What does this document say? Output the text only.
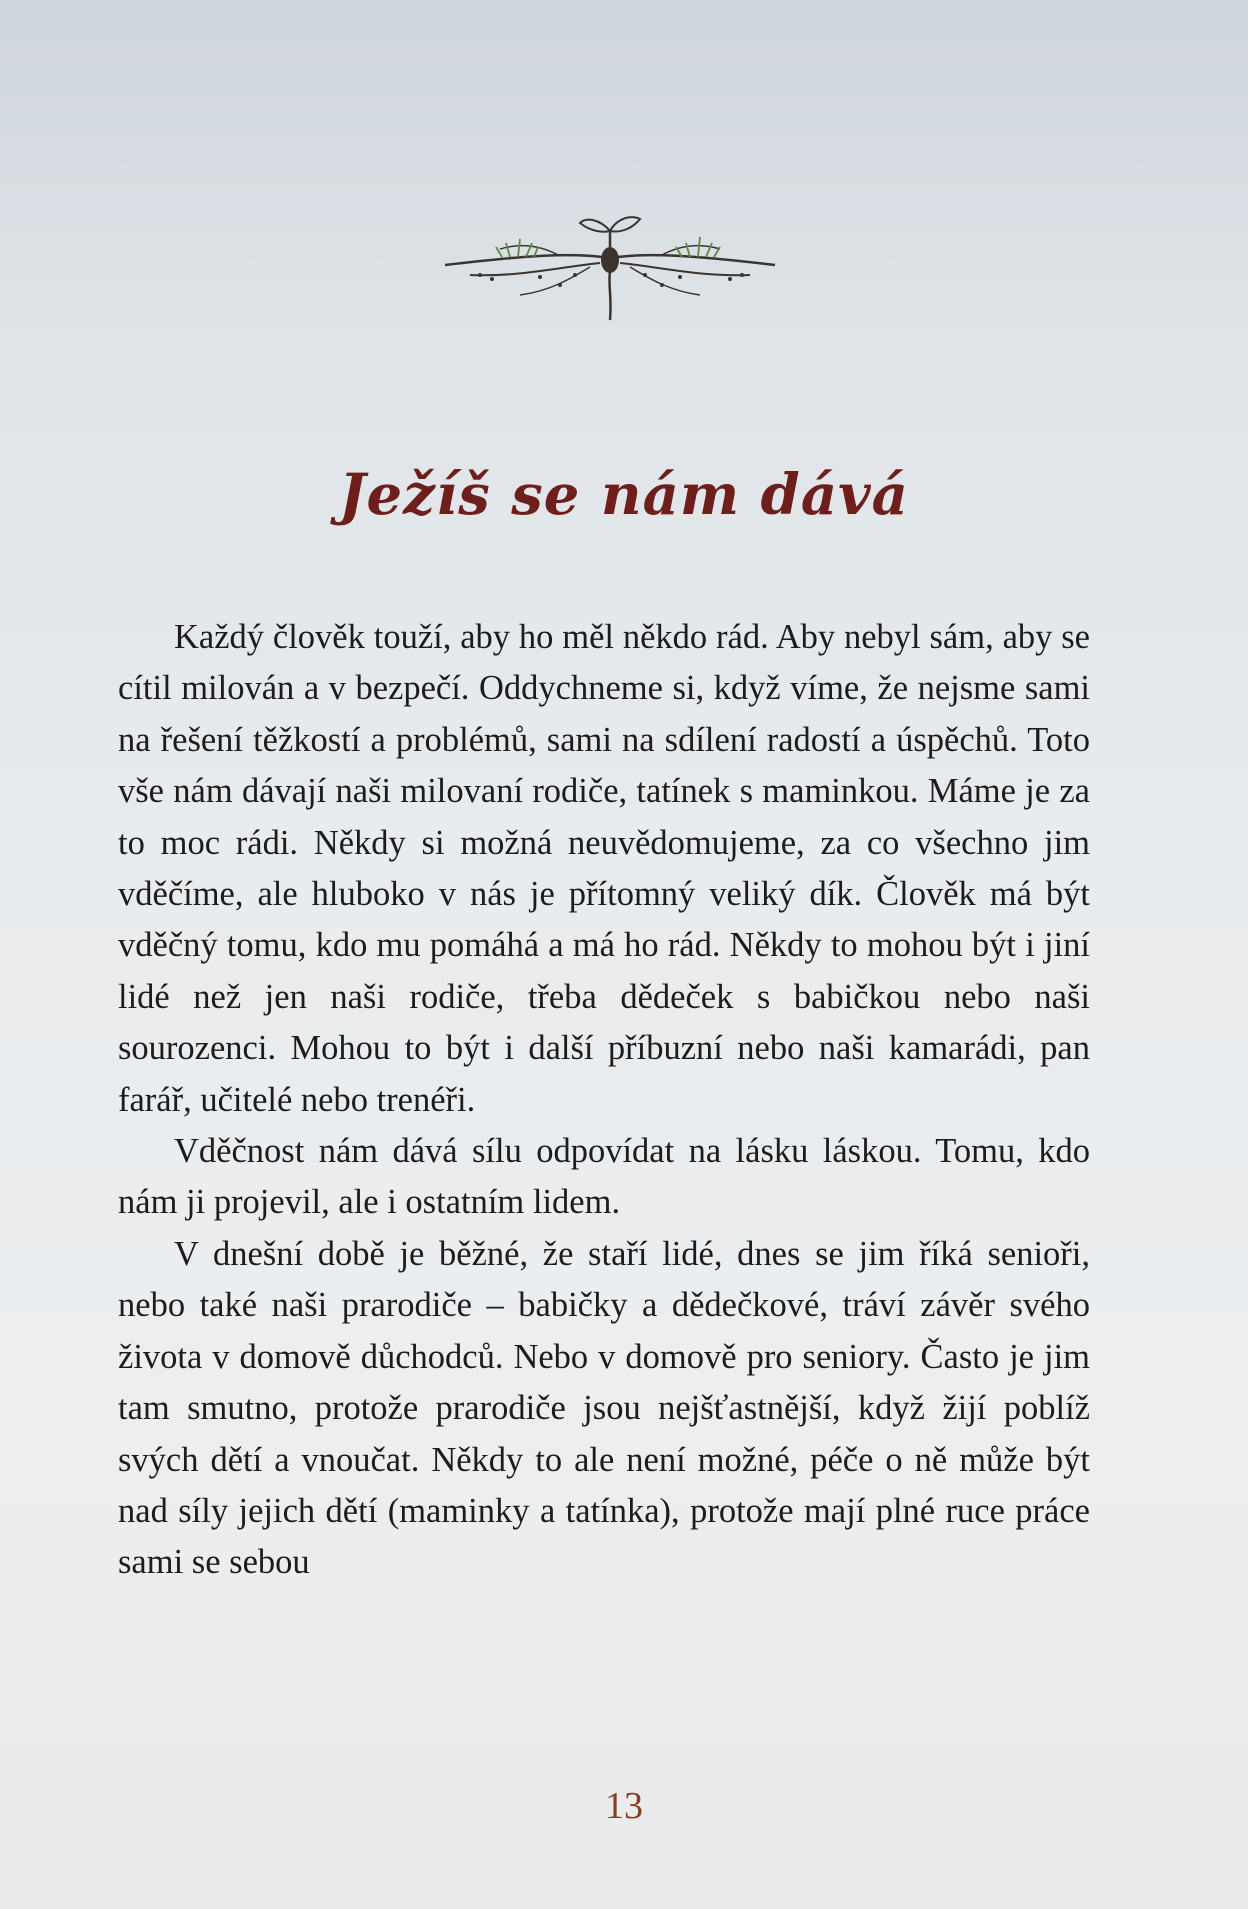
Ježíš se nám dává

Každý člověk touží, aby ho měl někdo rád. Aby nebyl sám, aby se cítil milován a v bezpečí. Oddychneme si, když víme, že nejsme sami na řešení těžkostí a problémů, sami na sdílení radostí a úspěchů. Toto vše nám dávají naši milovaní rodiče, tatínek s maminkou. Máme je za to moc rádi. Někdy si možná neuvědomujeme, za co všechno jim vděčíme, ale hluboko v nás je přítomný veliký dík. Člověk má být vděčný tomu, kdo mu pomáhá a má ho rád. Někdy to mohou být i jiní lidé než jen naši rodiče, třeba dědeček s babičkou nebo naši sourozenci. Mohou to být i další příbuzní nebo naši kamarádi, pan farář, učitelé nebo trenéři.

Vděčnost nám dává sílu odpovídat na lásku láskou. Tomu, kdo nám ji projevil, ale i ostatním lidem.

V dnešní době je běžné, že staří lidé, dnes se jim říká senioři, nebo také naši prarodiče – babičky a dědečkové, tráví závěr svého života v domově důchodců. Nebo v domově pro seniory. Často je jim tam smutno, protože prarodiče jsou nejšťastnější, když žijí poblíž svých dětí a vnoučat. Někdy to ale není možné, péče o ně může být nad síly jejich dětí (maminky a tatínka), protože mají plné ruce práce sami se sebou

13
